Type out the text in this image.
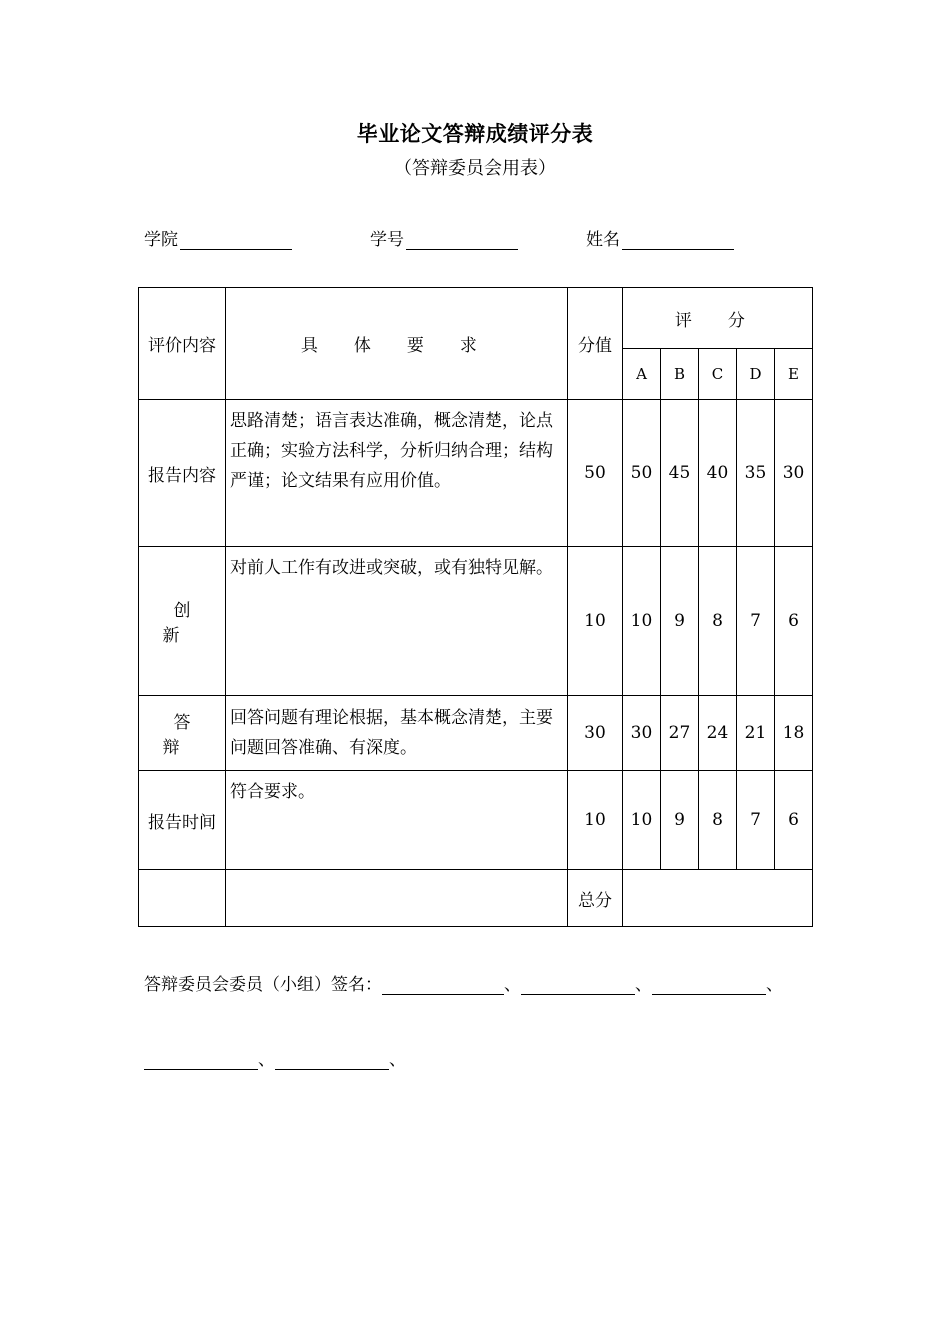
毕业论文答辩成绩评分表
（答辩委员会用表）
学院	学号	姓名
评价内容	具 体 要 求	分值	评 分				
			A	B	C	D	E
报告内容	思路清楚；语言表达准确，概念清楚，论点正确；实验方法科学，分析归纳合理；结构严谨；论文结果有应用价值。	50	50	45	40	35	30
创 新	对前人工作有改进或突破，或有独特见解。	10	10	9	8	7	6
答 辩	回答问题有理论根据，基本概念清楚，主要问题回答准确、有深度。	30	30	27	24	21	18
报告时间	符合要求。	10	10	9	8	7	6
		总分					
答辩委员会委员（小组）签名：	、	、	、
、	、
